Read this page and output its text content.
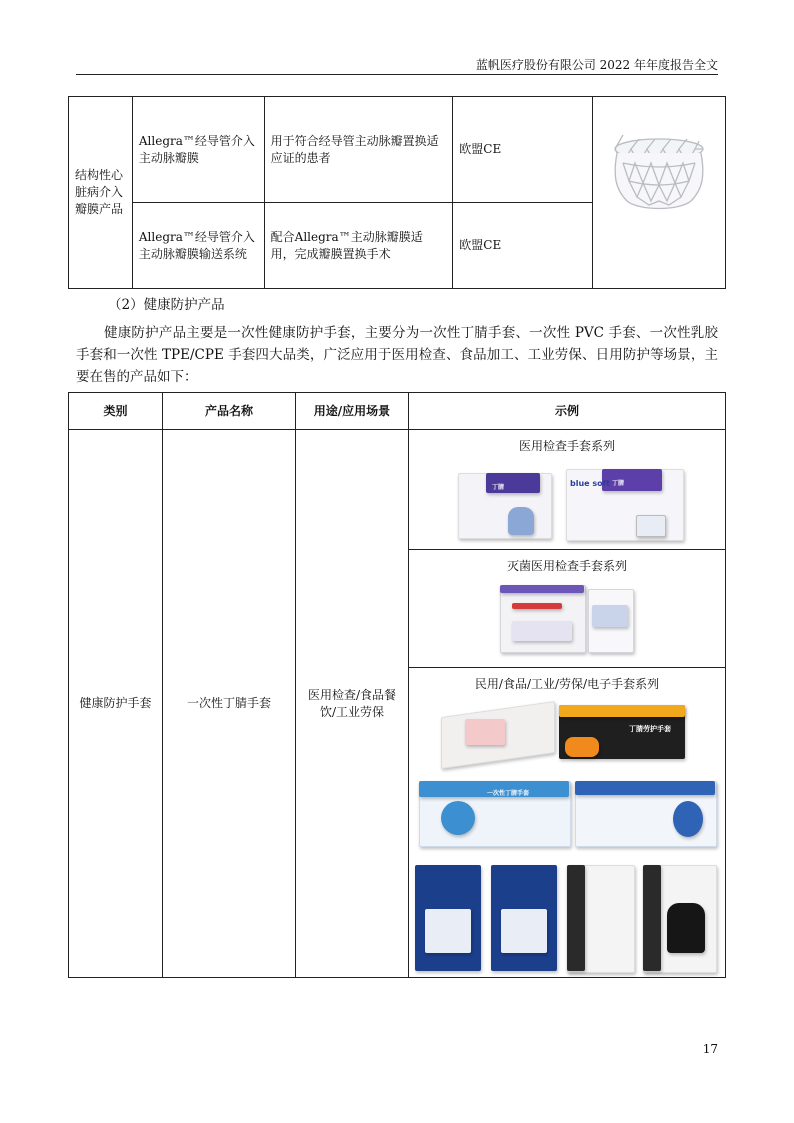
蓝帆医疗股份有限公司 2022 年年度报告全文
结构性心脏病介入瓣膜产品	Allegra™经导管介入主动脉瓣膜	用于符合经导管主动脉瓣置换适应证的患者	欧盟CE	
	Allegra™经导管介入主动脉瓣膜输送系统	配合Allegra™主动脉瓣膜适用，完成瓣膜置换手术	欧盟CE	
（2）健康防护产品
健康防护产品主要是一次性健康防护手套，主要分为一次性丁腈手套、一次性 PVC 手套、一次性乳胶手套和一次性 TPE/CPE 手套四大品类，广泛应用于医用检查、食品加工、工业劳保、日用防护等场景，主要在售的产品如下：
类别	产品名称	用途/应用场景	示例
健康防护手套	一次性丁腈手套	医用检查/食品餐饮/工业劳保	医用检查手套系列
丁腈 blue soft 丁腈

			灭菌医用检查手套系列

			民用/食品/工业/劳保/电子手套系列
丁腈劳护手套
一次性丁腈手套
17
